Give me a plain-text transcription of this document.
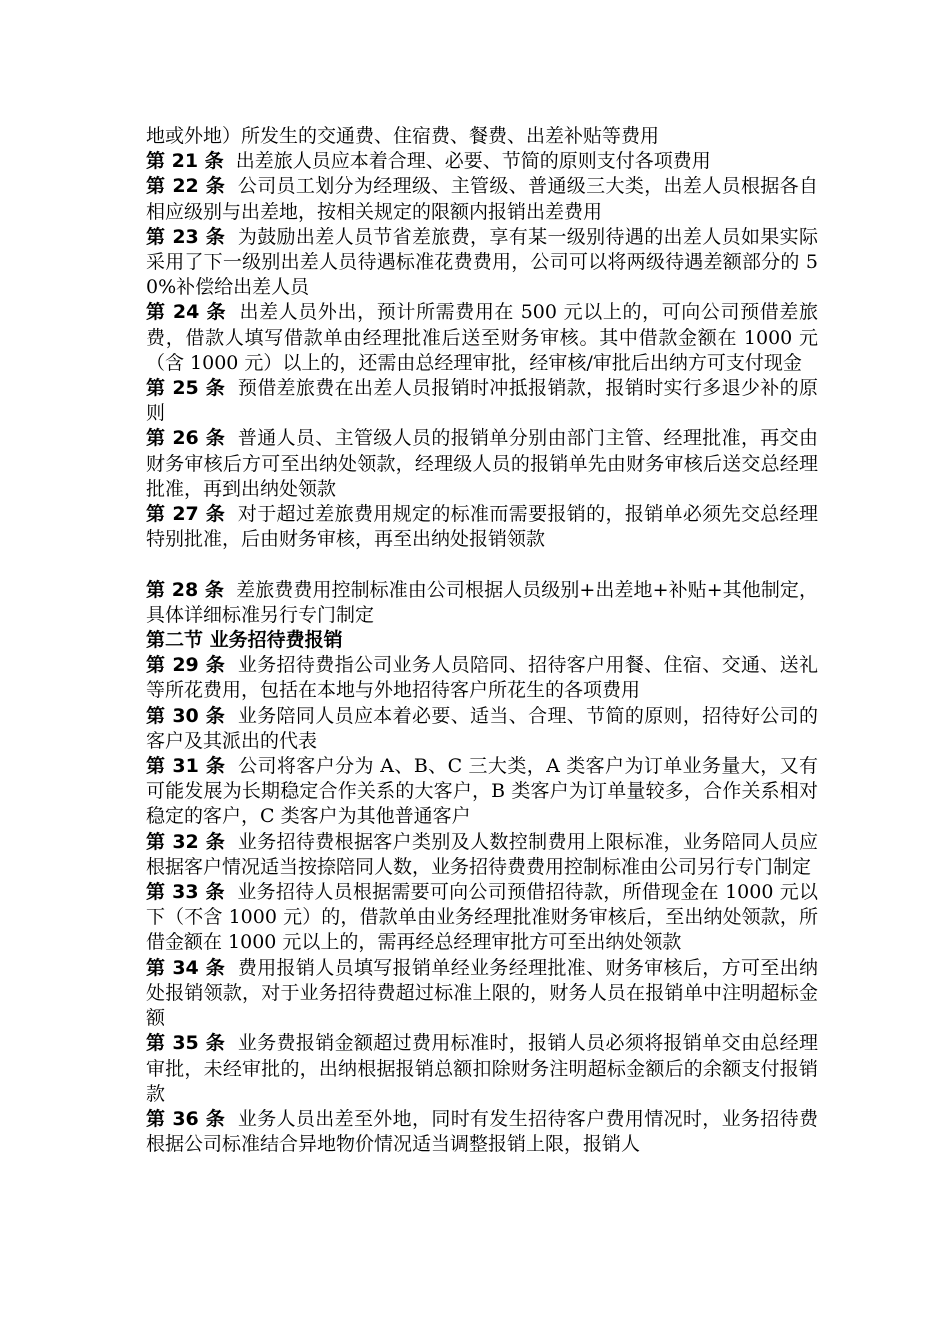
地或外地）所发生的交通费、住宿费、餐费、出差补贴等费用

第 21 条 出差旅人员应本着合理、必要、节简的原则支付各项费用

第 22 条 公司员工划分为经理级、主管级、普通级三大类，出差人员根据各自相应级别与出差地，按相关规定的限额内报销出差费用

第 23 条 为鼓励出差人员节省差旅费，享有某一级别待遇的出差人员如果实际采用了下一级别出差人员待遇标准花费费用，公司可以将两级待遇差额部分的 50%补偿给出差人员

第 24 条 出差人员外出，预计所需费用在 500 元以上的，可向公司预借差旅费，借款人填写借款单由经理批准后送至财务审核。其中借款金额在 1000 元（含 1000 元）以上的，还需由总经理审批，经审核/审批后出纳方可支付现金

第 25 条 预借差旅费在出差人员报销时冲抵报销款，报销时实行多退少补的原则

第 26 条 普通人员、主管级人员的报销单分别由部门主管、经理批准，再交由财务审核后方可至出纳处领款，经理级人员的报销单先由财务审核后送交总经理批准，再到出纳处领款

第 27 条 对于超过差旅费用规定的标准而需要报销的，报销单必须先交总经理特别批准，后由财务审核，再至出纳处报销领款

第 28 条 差旅费费用控制标准由公司根据人员级别+出差地+补贴+其他制定，具体详细标准另行专门制定

第二节 业务招待费报销

第 29 条 业务招待费指公司业务人员陪同、招待客户用餐、住宿、交通、送礼等所花费用，包括在本地与外地招待客户所花生的各项费用

第 30 条 业务陪同人员应本着必要、适当、合理、节简的原则，招待好公司的客户及其派出的代表

第 31 条 公司将客户分为 A、B、C 三大类，A 类客户为订单业务量大，又有可能发展为长期稳定合作关系的大客户，B 类客户为订单量较多，合作关系相对稳定的客户，C 类客户为其他普通客户

第 32 条 业务招待费根据客户类别及人数控制费用上限标准，业务陪同人员应根据客户情况适当按捺陪同人数，业务招待费费用控制标准由公司另行专门制定

第 33 条 业务招待人员根据需要可向公司预借招待款，所借现金在 1000 元以下（不含 1000 元）的，借款单由业务经理批准财务审核后，至出纳处领款，所借金额在 1000 元以上的，需再经总经理审批方可至出纳处领款

第 34 条 费用报销人员填写报销单经业务经理批准、财务审核后，方可至出纳处报销领款，对于业务招待费超过标准上限的，财务人员在报销单中注明超标金额

第 35 条 业务费报销金额超过费用标准时，报销人员必须将报销单交由总经理审批，未经审批的，出纳根据报销总额扣除财务注明超标金额后的余额支付报销款

第 36 条 业务人员出差至外地，同时有发生招待客户费用情况时，业务招待费根据公司标准结合异地物价情况适当调整报销上限，报销人
